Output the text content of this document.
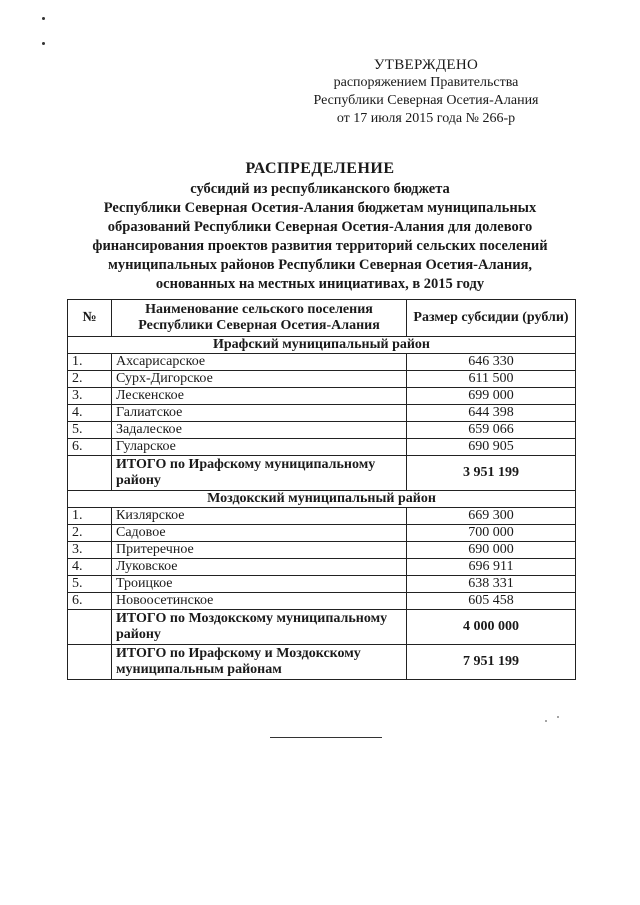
УТВЕРЖДЕНО
распоряжением Правительства
Республики Северная Осетия-Алания
от 17 июля 2015 года № 266-р
РАСПРЕДЕЛЕНИЕ
субсидий из республиканского бюджета
Республики Северная Осетия-Алания бюджетам муниципальных
образований Республики Северная Осетия-Алания для долевого
финансирования проектов развития территорий сельских поселений
муниципальных районов Республики Северная Осетия-Алания,
основанных на местных инициативах, в 2015 году
№	Наименование сельского поселения Республики Северная Осетия-Алания	Размер субсидии (рубли)
Ирафский муниципальный район		
1.	Ахсарисарское	646 330
2.	Сурх-Дигорское	611 500
3.	Лескенское	699 000
4.	Галиатское	644 398
5.	Задалеское	659 066
6.	Гуларское	690 905
	ИТОГО по Ирафскому муниципальному району	3 951 199
Моздокский муниципальный район		
1.	Кизлярское	669 300
2.	Садовое	700 000
3.	Притеречное	690 000
4.	Луковское	696 911
5.	Троицкое	638 331
6.	Новоосетинское	605 458
	ИТОГО по Моздокскому муниципальному району	4 000 000
	ИТОГО по Ирафскому и Моздокскому муниципальным районам	7 951 199
